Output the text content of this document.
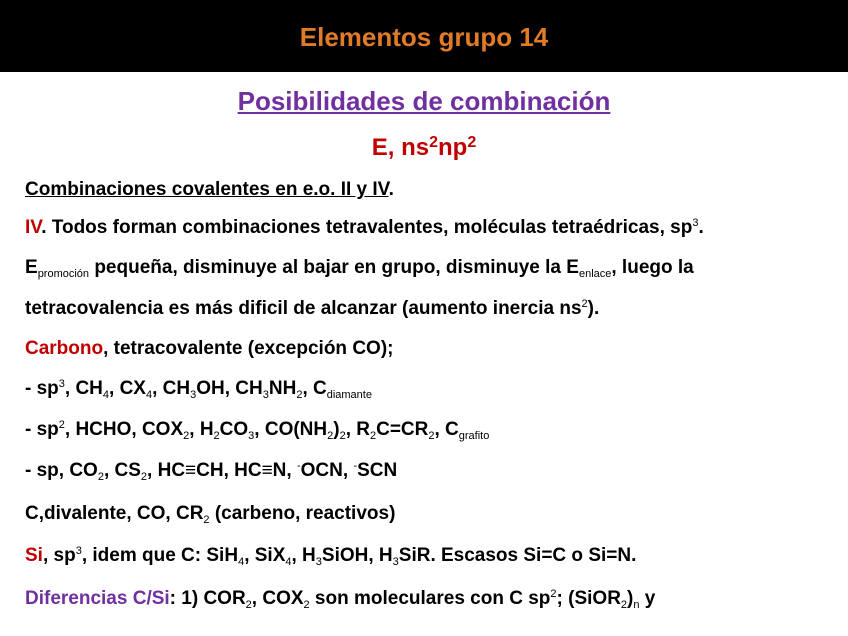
Elementos grupo 14
Posibilidades de combinación
E, $ns^2np^2$
Combinaciones covalentes en e.o. II y IV.
IV. Todos forman combinaciones tetravalentes, moléculas tetraédricas, $sp^3$.
$E_{promoción}$ pequeña, disminuye al bajar en grupo, disminuye la $E_{enlace}$, luego la
tetracovalencia es más dificil de alcanzar (aumento inercia $ns^2$).
Carbono, tetracovalente (excepción CO);
- $sp^3$, $CH_4$, $CX_4$, $CH_3OH$, $CH_3NH_2$, $C_{diamante}$
- $sp^2$, HCHO, $COX_2$, $H_2CO_3$, $CO(NH_2)_2$, $R_2C=CR_2$, $C_{grafito}$
- sp, $CO_2$, $CS_2$, HC≡CH, HC≡N, -OCN, -SCN
C,divalente, CO, $CR_2$ (carbeno, reactivos)
Si, $sp^3$, idem que C: SiH$_4$, SiX$_4$, $H_3SiOH$, $H_3SiR$. Escasos Si=C o Si=N.
Diferencias C/Si: 1) $COR_2$, $COX_2$ son moleculares con C $sp^2$; $(SiOR_2)_n$ y
